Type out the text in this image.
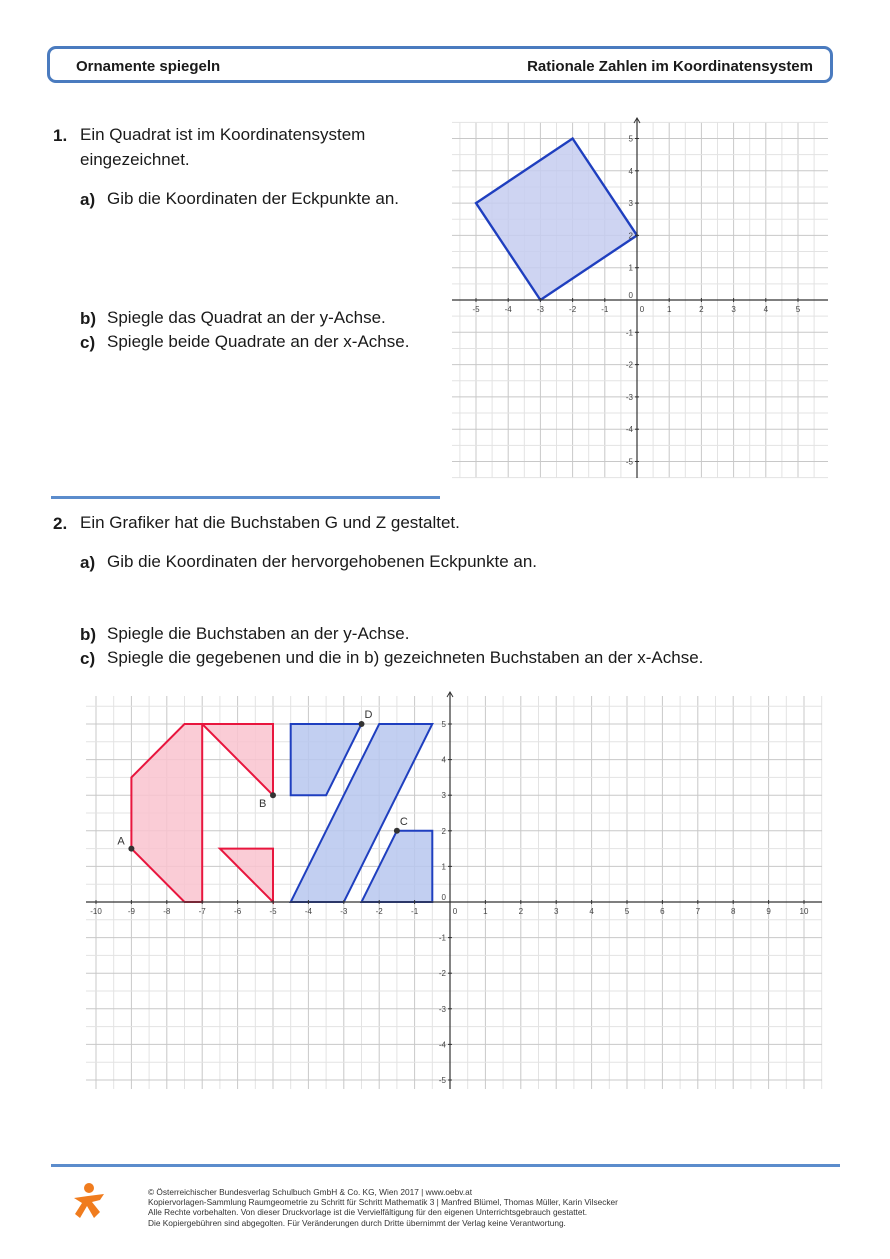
Ornamente spiegeln	Rationale Zahlen im Koordinatensystem
1. Ein Quadrat ist im Koordinatensystem
eingezeichnet.
a) Gib die Koordinaten der Eckpunkte an.
b) Spiegle das Quadrat an der y-Achse.
c) Spiegle beide Quadrate an der x-Achse.
-5	-4	-3	-2	-1	0	1	2	3	4	5
5
4
3
2
1
-1
-2
-3
-4
-5
0
2. Ein Grafiker hat die Buchstaben G und Z gestaltet.
a) Gib die Koordinaten der hervorgehobenen Eckpunkte an.
b) Spiegle die Buchstaben an der y-Achse.
c) Spiegle die gegebenen und die in b) gezeichneten Buchstaben an der x-Achse.
-10	-9	-8	-7	-6	-5	-4	-3	-2	-1	0	1	2	3	4	5	6	7	8	9	10
5
4
3
2
1
-1
-2
-3
-4
-5
0
A
B
C
D
© Österreichischer Bundesverlag Schulbuch GmbH & Co. KG, Wien 2017 | www.oebv.at
Kopiervorlagen-Sammlung Raumgeometrie zu Schritt für Schritt Mathematik 3 | Manfred Blümel, Thomas Müller, Karin Vilsecker
Alle Rechte vorbehalten. Von dieser Druckvorlage ist die Vervielfältigung für den eigenen Unterrichtsgebrauch gestattet.
Die Kopiergebühren sind abgegolten. Für Veränderungen durch Dritte übernimmt der Verlag keine Verantwortung.
